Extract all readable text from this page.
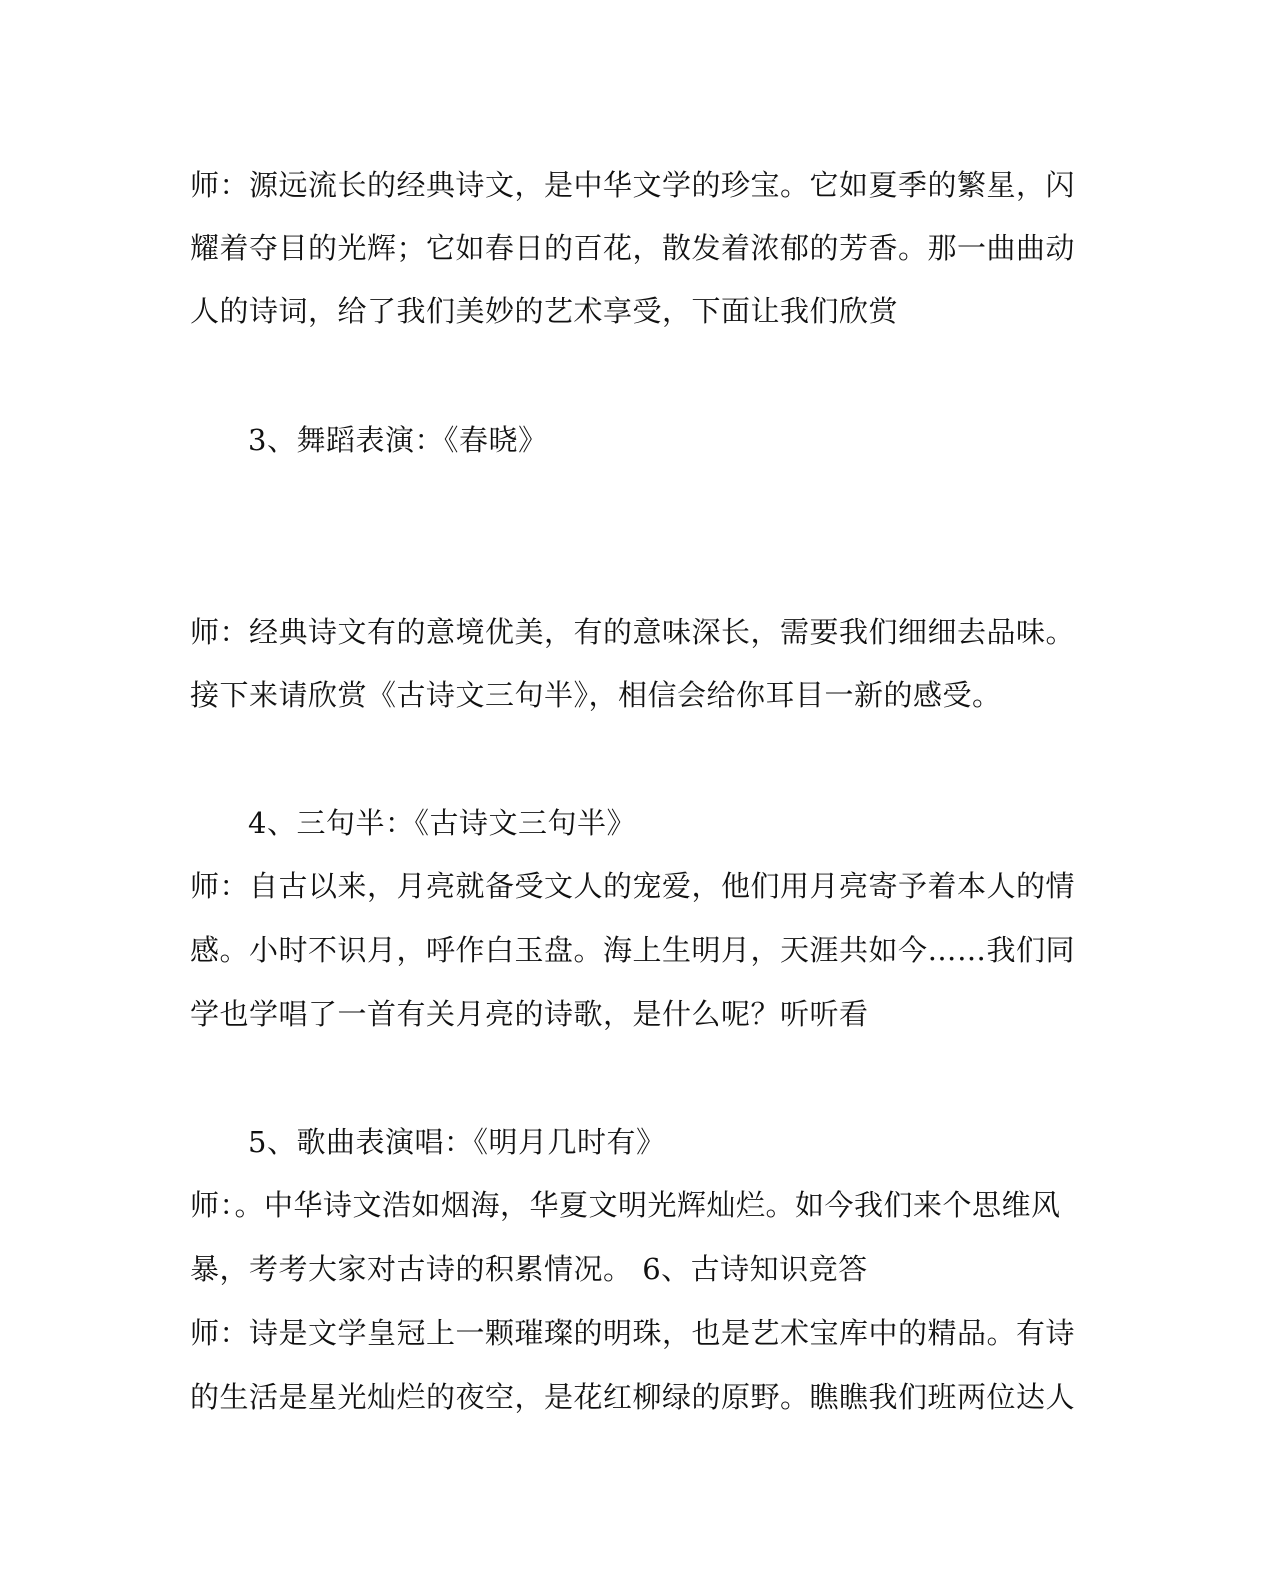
师：源远流长的经典诗文，是中华文学的珍宝。它如夏季的繁星，闪
耀着夺目的光辉；它如春日的百花，散发着浓郁的芳香。那一曲曲动
人的诗词，给了我们美妙的艺术享受，下面让我们欣赏
3、舞蹈表演：《春晓》
师：经典诗文有的意境优美，有的意味深长，需要我们细细去品味。
接下来请欣赏《古诗文三句半》，相信会给你耳目一新的感受。
4、三句半：《古诗文三句半》
师：自古以来，月亮就备受文人的宠爱，他们用月亮寄予着本人的情
感。小时不识月，呼作白玉盘。海上生明月，天涯共如今……我们同
学也学唱了一首有关月亮的诗歌，是什么呢？听听看
5、歌曲表演唱：《明月几时有》
师：。中华诗文浩如烟海，华夏文明光辉灿烂。如今我们来个思维风
暴，考考大家对古诗的积累情况。 6、古诗知识竞答
师：诗是文学皇冠上一颗璀璨的明珠，也是艺术宝库中的精品。有诗
的生活是星光灿烂的夜空，是花红柳绿的原野。瞧瞧我们班两位达人
